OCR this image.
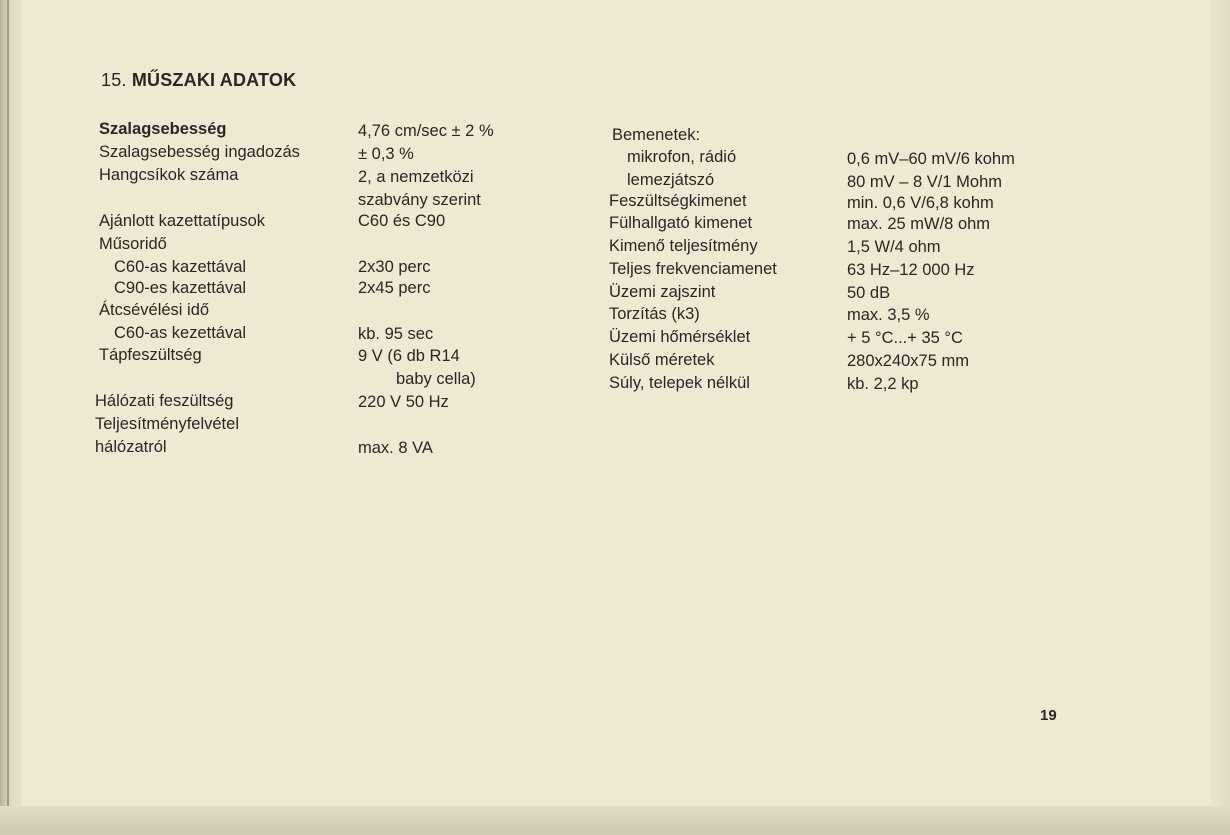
15. MŰSZAKI ADATOK
Szalagsebesség
Szalagsebesség ingadozás
Hangcsíkok száma
Ajánlott kazettatípusok
Műsoridő
C60-as kazettával
C90-es kazettával
Átcsévélési idő
C60-as kezettával
Tápfeszültség
Hálózati feszültség
Teljesítményfelvétel
hálózatról
4,76 cm/sec ± 2 %
± 0,3 %
2, a nemzetközi
szabvány szerint
C60 és C90
2x30 perc
2x45 perc
kb. 95 sec
9 V (6 db R14
baby cella)
220 V 50 Hz
max. 8 VA
Bemenetek:
mikrofon, rádió
lemezjátszó
Feszültségkimenet
Fülhallgató kimenet
Kimenő teljesítmény
Teljes frekvenciamenet
Üzemi zajszint
Torzítás (k3)
Üzemi hőmérséklet
Külső méretek
Súly, telepek nélkül
0,6 mV–60 mV/6 kohm
80 mV – 8 V/1 Mohm
min. 0,6 V/6,8 kohm
max. 25 mW/8 ohm
1,5 W/4 ohm
63 Hz–12 000 Hz
50 dB
max. 3,5 %
+ 5 °C...+ 35 °C
280x240x75 mm
kb. 2,2 kp
19
